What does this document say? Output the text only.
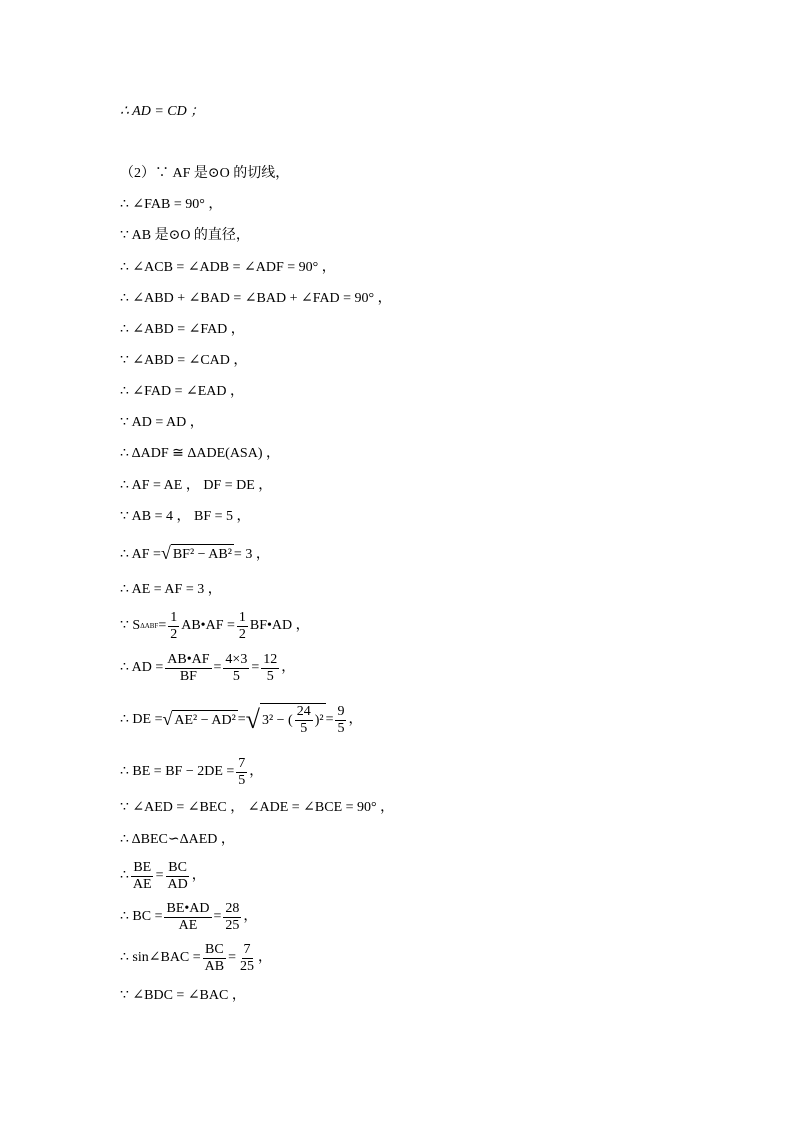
∴ AD = CD ；
（2）∵ AF 是⊙O 的切线，
∴ ∠FAB = 90° ，
∵ AB 是⊙O 的直径，
∴ ∠ACB = ∠ADB = ∠ADF = 90° ，
∴ ∠ABD + ∠BAD = ∠BAD + ∠FAD = 90° ，
∴ ∠ABD = ∠FAD ，
∵ ∠ABD = ∠CAD ，
∴ ∠FAD = ∠EAD ，
∵ AD = AD ，
∴ ΔADF ≅ ΔADE(ASA) ，
∴ AF = AE ， DF = DE ，
∵ AB = 4 ， BF = 5 ，
∴ AF = √ BF² − AB² = 3 ，
∴ AE = AF = 3 ，
∵ S $\Delta ABF = \frac{1}{2}$ AB•AF = $\frac{1}{2}$ BF•AD ，
∴ AD = $\frac{AB•AF}{BF} = \frac{4\times 3}{5} = \frac{12}{5}$ ，
∴ DE = √ AE² − AD² = √ 3² − ( $\frac{24}{5} )^2 = \frac{9}{5}$ ，
∴ BE = BF − $2DE = \frac{7}{5}$ ，
∵ ∠AED = ∠BEC ， ∠ADE = ∠BCE = 90° ，
∴ ΔBEC∽ΔAED ，
∴ $\frac{BE}{AE} = \frac{BC}{AD}$ ，
∴ BC = $\frac{BE•AD}{AE} = \frac{28}{25}$ ，
∴ sin∠BAC = $\frac{BC}{AB} = \frac{7}{25}$ ，
∵ ∠BDC = ∠BAC ，
